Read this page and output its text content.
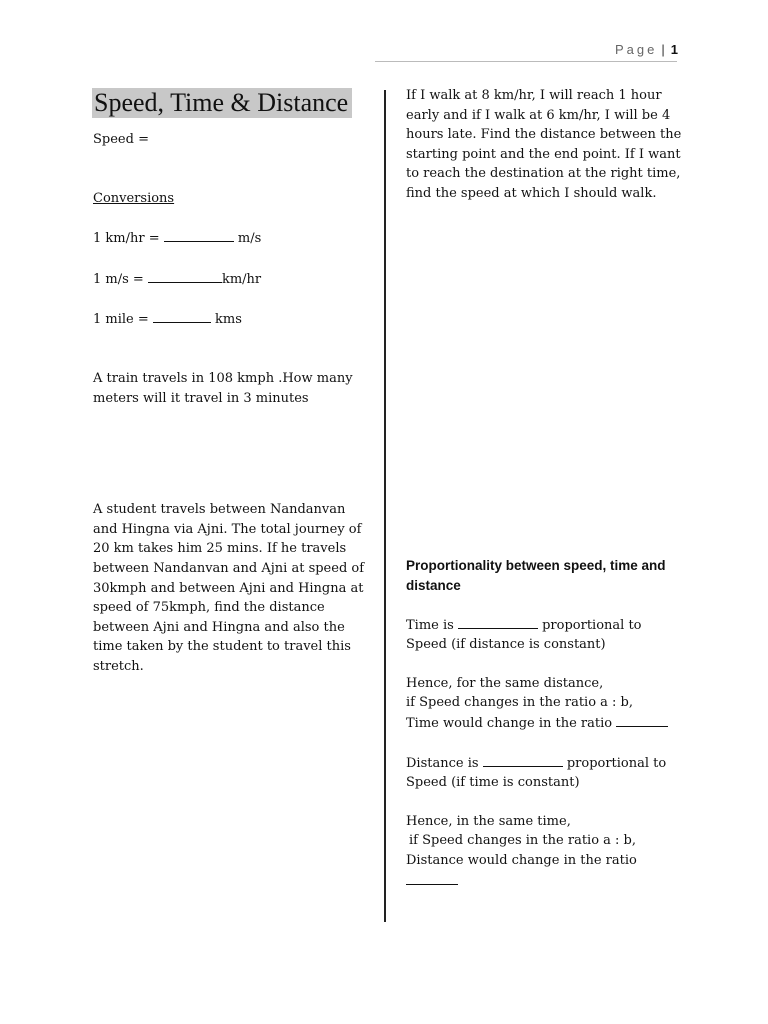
Page | 1
Speed, Time & Distance

Speed =

Conversions

1 km/hr =	m/s

1 m/s =	km/hr

1 mile =	kms

A train travels in 108 kmph .How many meters will it travel in 3 minutes

A student travels between Nandanvan and Hingna via Ajni. The total journey of 20 km takes him 25 mins. If he travels between Nandanvan and Ajni at speed of 30kmph and between Ajni and Hingna at speed of 75kmph, find the distance between Ajni and Hingna and also the time taken by the student to travel this stretch.

If I walk at 8 km/hr, I will reach 1 hour early and if I walk at 6 km/hr, I will be 4 hours late. Find the distance between the starting point and the end point. If I want to reach the destination at the right time, find the speed at which I should walk.

Proportionality between speed, time and distance

Time is	proportional to

Speed (if distance is constant)

Hence, for the same distance,

if Speed changes in the ratio a : b,

Time would change in the ratio

Distance is	proportional to

Speed (if time is constant)

Hence, in the same time,

if Speed changes in the ratio a : b,

Distance would change in the ratio
